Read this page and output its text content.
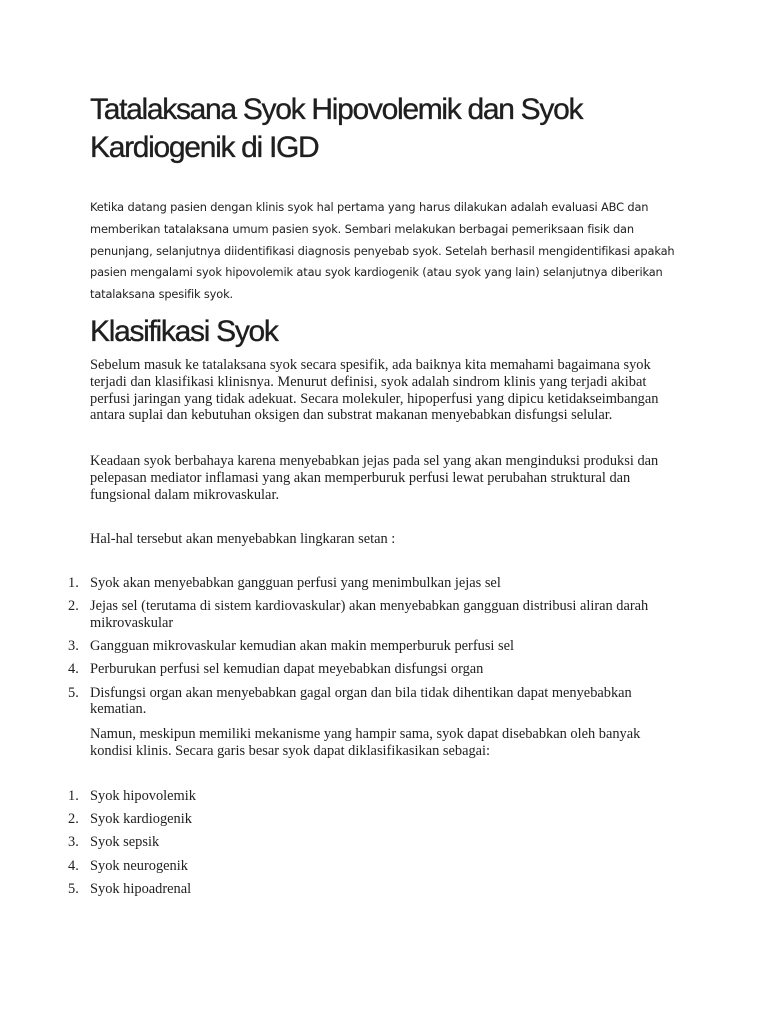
Tatalaksana Syok Hipovolemik dan Syok Kardiogenik di IGD

Ketika datang pasien dengan klinis syok hal pertama yang harus dilakukan adalah evaluasi ABC dan memberikan tatalaksana umum pasien syok. Sembari melakukan berbagai pemeriksaan fisik dan penunjang, selanjutnya diidentifikasi diagnosis penyebab syok. Setelah berhasil mengidentifikasi apakah pasien mengalami syok hipovolemik atau syok kardiogenik (atau syok yang lain) selanjutnya diberikan tatalaksana spesifik syok.

Klasifikasi Syok

Sebelum masuk ke tatalaksana syok secara spesifik, ada baiknya kita memahami bagaimana syok terjadi dan klasifikasi klinisnya. Menurut definisi, syok adalah sindrom klinis yang terjadi akibat perfusi jaringan yang tidak adekuat. Secara molekuler, hipoperfusi yang dipicu ketidakseimbangan antara suplai dan kebutuhan oksigen dan substrat makanan menyebabkan disfungsi selular.

Keadaan syok berbahaya karena menyebabkan jejas pada sel yang akan menginduksi produksi dan pelepasan mediator inflamasi yang akan memperburuk perfusi lewat perubahan struktural dan fungsional dalam mikrovaskular.

Hal-hal tersebut akan menyebabkan lingkaran setan :

1. Syok akan menyebabkan gangguan perfusi yang menimbulkan jejas sel
2. Jejas sel (terutama di sistem kardiovaskular) akan menyebabkan gangguan distribusi aliran darah mikrovaskular
3. Gangguan mikrovaskular kemudian akan makin memperburuk perfusi sel
4. Perburukan perfusi sel kemudian dapat meyebabkan disfungsi organ
5. Disfungsi organ akan menyebabkan gagal organ dan bila tidak dihentikan dapat menyebabkan kematian.

Namun, meskipun memiliki mekanisme yang hampir sama, syok dapat disebabkan oleh banyak kondisi klinis. Secara garis besar syok dapat diklasifikasikan sebagai:

1. Syok hipovolemik
2. Syok kardiogenik
3. Syok sepsik
4. Syok neurogenik
5. Syok hipoadrenal
